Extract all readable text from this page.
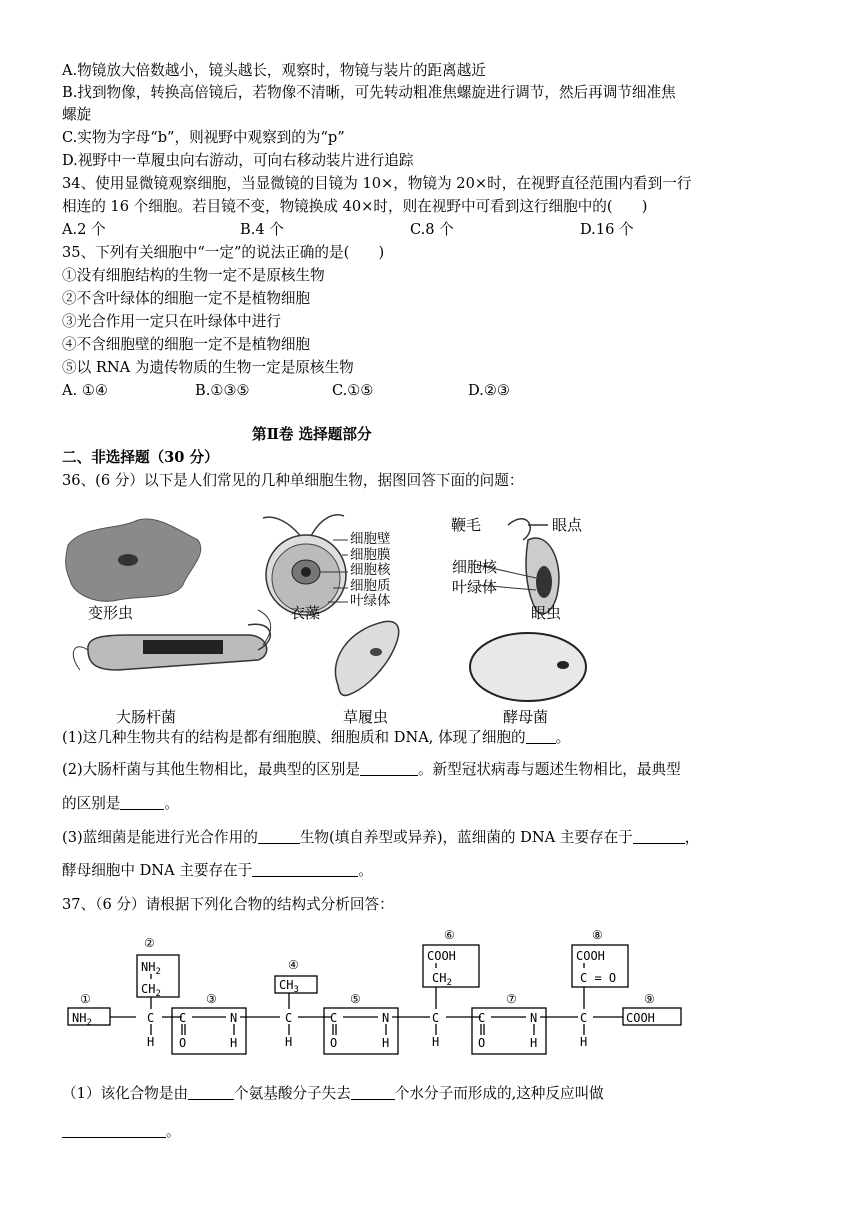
A.物镜放大倍数越小，镜头越长，观察时，物镜与装片的距离越近
B.找到物像，转换高倍镜后，若物像不清晰，可先转动粗准焦螺旋进行调节，然后再调节细准焦
螺旋
C.实物为字母“b”，则视野中观察到的为“p”
D.视野中一草履虫向右游动，可向右移动装片进行追踪
34、使用显微镜观察细胞，当显微镜的目镜为 10×，物镜为 20×时，在视野直径范围内看到一行
相连的 16 个细胞。若目镜不变，物镜换成 40×时，则在视野中可看到这行细胞中的(　　)
A.2 个	B.4 个	C.8 个	D.16 个
35、下列有关细胞中“一定”的说法正确的是(　　)
①没有细胞结构的生物一定不是原核生物
②不含叶绿体的细胞一定不是植物细胞
③光合作用一定只在叶绿体中进行
④不含细胞壁的细胞一定不是植物细胞
⑤以 RNA 为遗传物质的生物一定是原核生物
A. ①④	B.①③⑤	C.①⑤	D.②③
第Ⅱ卷 选择题部分
二、非选择题（30 分）
36、(6 分）以下是人们常见的几种单细胞生物，据图回答下面的问题：
变形虫	衣藻
细胞壁
细胞膜
细胞核
细胞质
叶绿体
鞭毛	眼点
细胞核
叶绿体
眼虫
大肠杆菌	草履虫	酵母菌
(1)这几种生物共有的结构是都有细胞膜、细胞质和 DNA, 体现了细胞的 。
(2)大肠杆菌与其他生物相比，最典型的区别是	。新型冠状病毒与题述生物相比，最典型
的区别是	。
(3)蓝细菌是能进行光合作用的	生物(填自养型或异养)，蓝细菌的 DNA 主要存在于	，
酵母细胞中 DNA 主要存在于	。
37、（6 分）请根据下列化合物的结构式分析回答：
①
②
③
④
⑤
⑥
⑦
⑧
⑨
$NH_2$
$NH_2$
$CH_2$
C
H
C
O
N
H
$CH_3$
C
H
C
O
N
H
COOH
$CH_2$
C
H
C
O
N
H
COOH
C = O
C
H
COOH
（1）该化合物是由	个氨基酸分子失去	个水分子而形成的,这种反应叫做
。
